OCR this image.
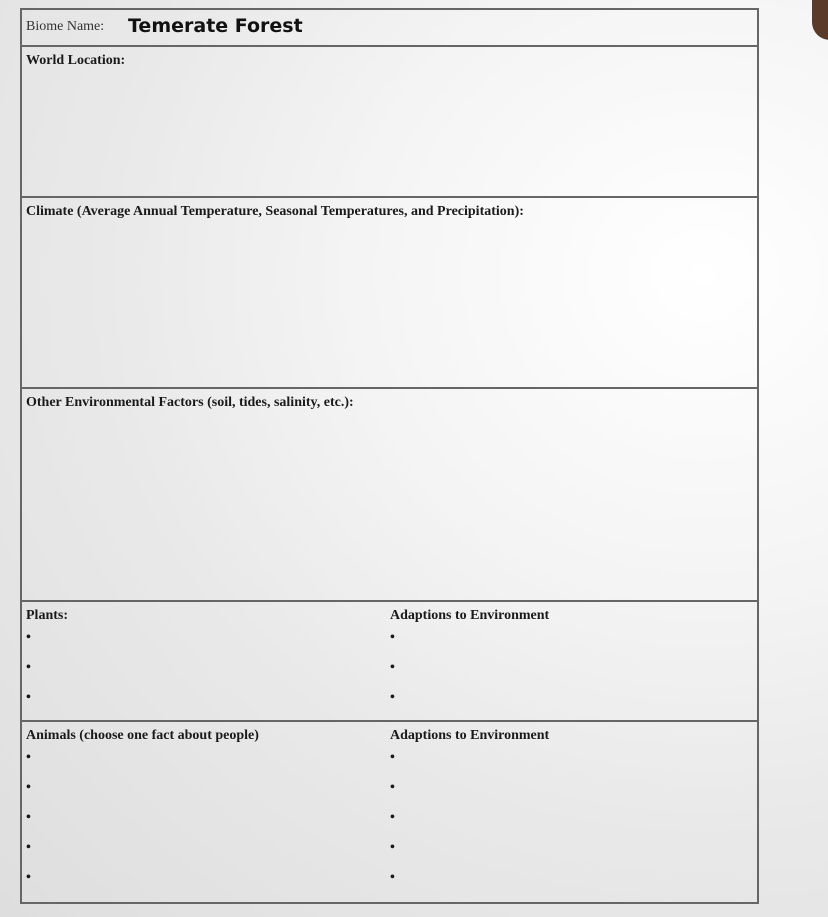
Biome Name: Temerate Forest
World Location:
Climate (Average Annual Temperature, Seasonal Temperatures, and Precipitation):
Other Environmental Factors (soil, tides, salinity, etc.):
Plants:
•
•
•
Adaptions to Environment
•
•
•
Animals (choose one fact about people)
•
•
•
•
•
Adaptions to Environment
•
•
•
•
•
